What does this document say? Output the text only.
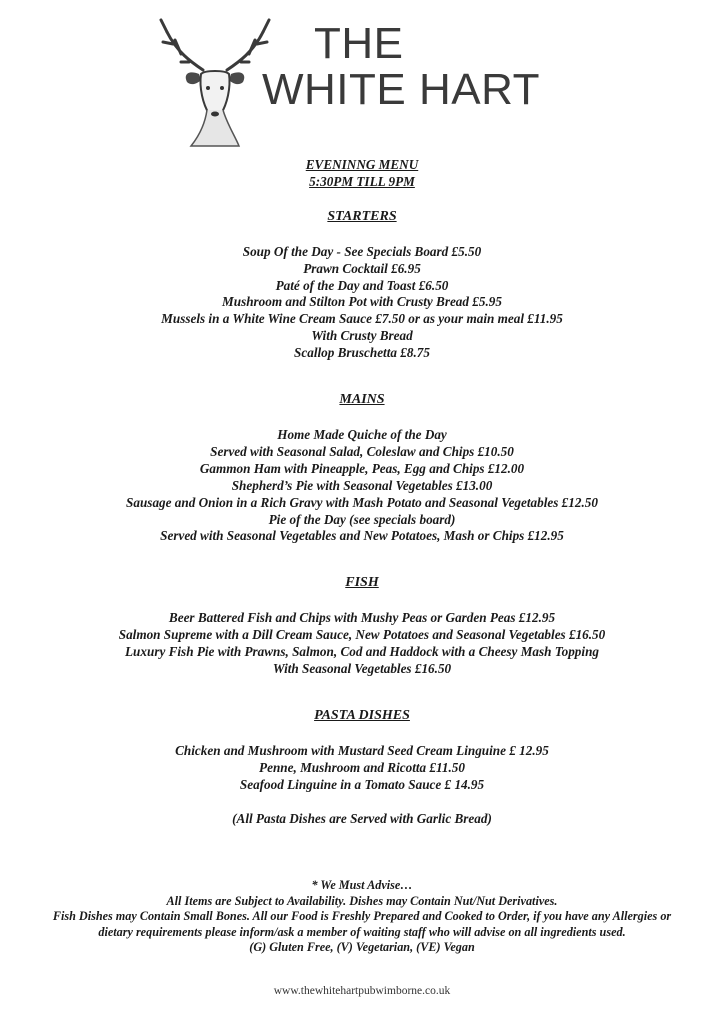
THE
WHITE HART
EVENINNG MENU
5:30PM TILL 9PM
STARTERS
Soup Of the Day - See Specials Board £5.50
Prawn Cocktail £6.95
Paté of the Day and Toast £6.50
Mushroom and Stilton Pot with Crusty Bread £5.95
Mussels in a White Wine Cream Sauce £7.50 or as your main meal £11.95
With Crusty Bread
Scallop Bruschetta £8.75
MAINS
Home Made Quiche of the Day
Served with Seasonal Salad, Coleslaw and Chips £10.50
Gammon Ham with Pineapple, Peas, Egg and Chips £12.00
Shepherd’s Pie with Seasonal Vegetables £13.00
Sausage and Onion in a Rich Gravy with Mash Potato and Seasonal Vegetables £12.50
Pie of the Day (see specials board)
Served with Seasonal Vegetables and New Potatoes, Mash or Chips £12.95
FISH
Beer Battered Fish and Chips with Mushy Peas or Garden Peas £12.95
Salmon Supreme with a Dill Cream Sauce, New Potatoes and Seasonal Vegetables £16.50
Luxury Fish Pie with Prawns, Salmon, Cod and Haddock with a Cheesy Mash Topping
With Seasonal Vegetables £16.50
PASTA DISHES
Chicken and Mushroom with Mustard Seed Cream Linguine £ 12.95
Penne, Mushroom and Ricotta £11.50
Seafood Linguine in a Tomato Sauce £ 14.95
(All Pasta Dishes are Served with Garlic Bread)
* We Must Advise…
All Items are Subject to Availability. Dishes may Contain Nut/Nut Derivatives.
Fish Dishes may Contain Small Bones. All our Food is Freshly Prepared and Cooked to Order, if you have any Allergies or
dietary requirements please inform/ask a member of waiting staff who will advise on all ingredients used.
(G) Gluten Free, (V) Vegetarian, (VE) Vegan
www.thewhitehartpubwimborne.co.uk
